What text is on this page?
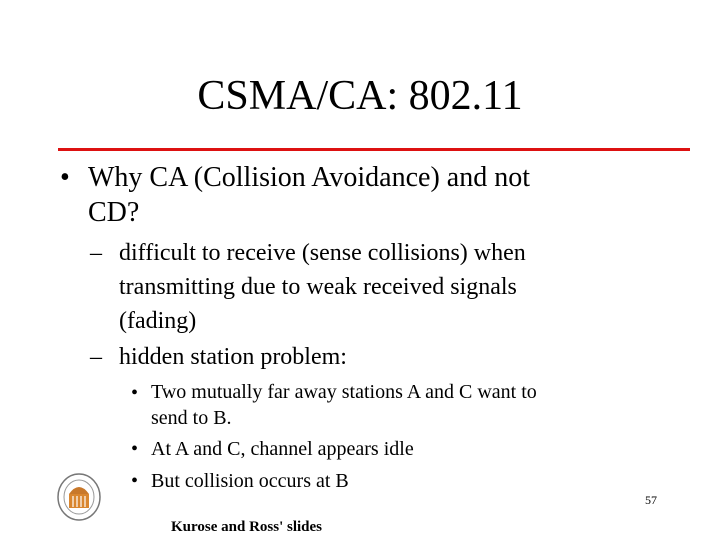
CSMA/CA: 802.11
• Why CA (Collision Avoidance) and not
CD?
– difficult to receive (sense collisions) when
transmitting due to weak received signals
(fading)
– hidden station problem:
• Two mutually far away stations A and C want to
send to B.
• At A and C, channel appears idle
• But collision occurs at B
57
Kurose and Ross' slides
